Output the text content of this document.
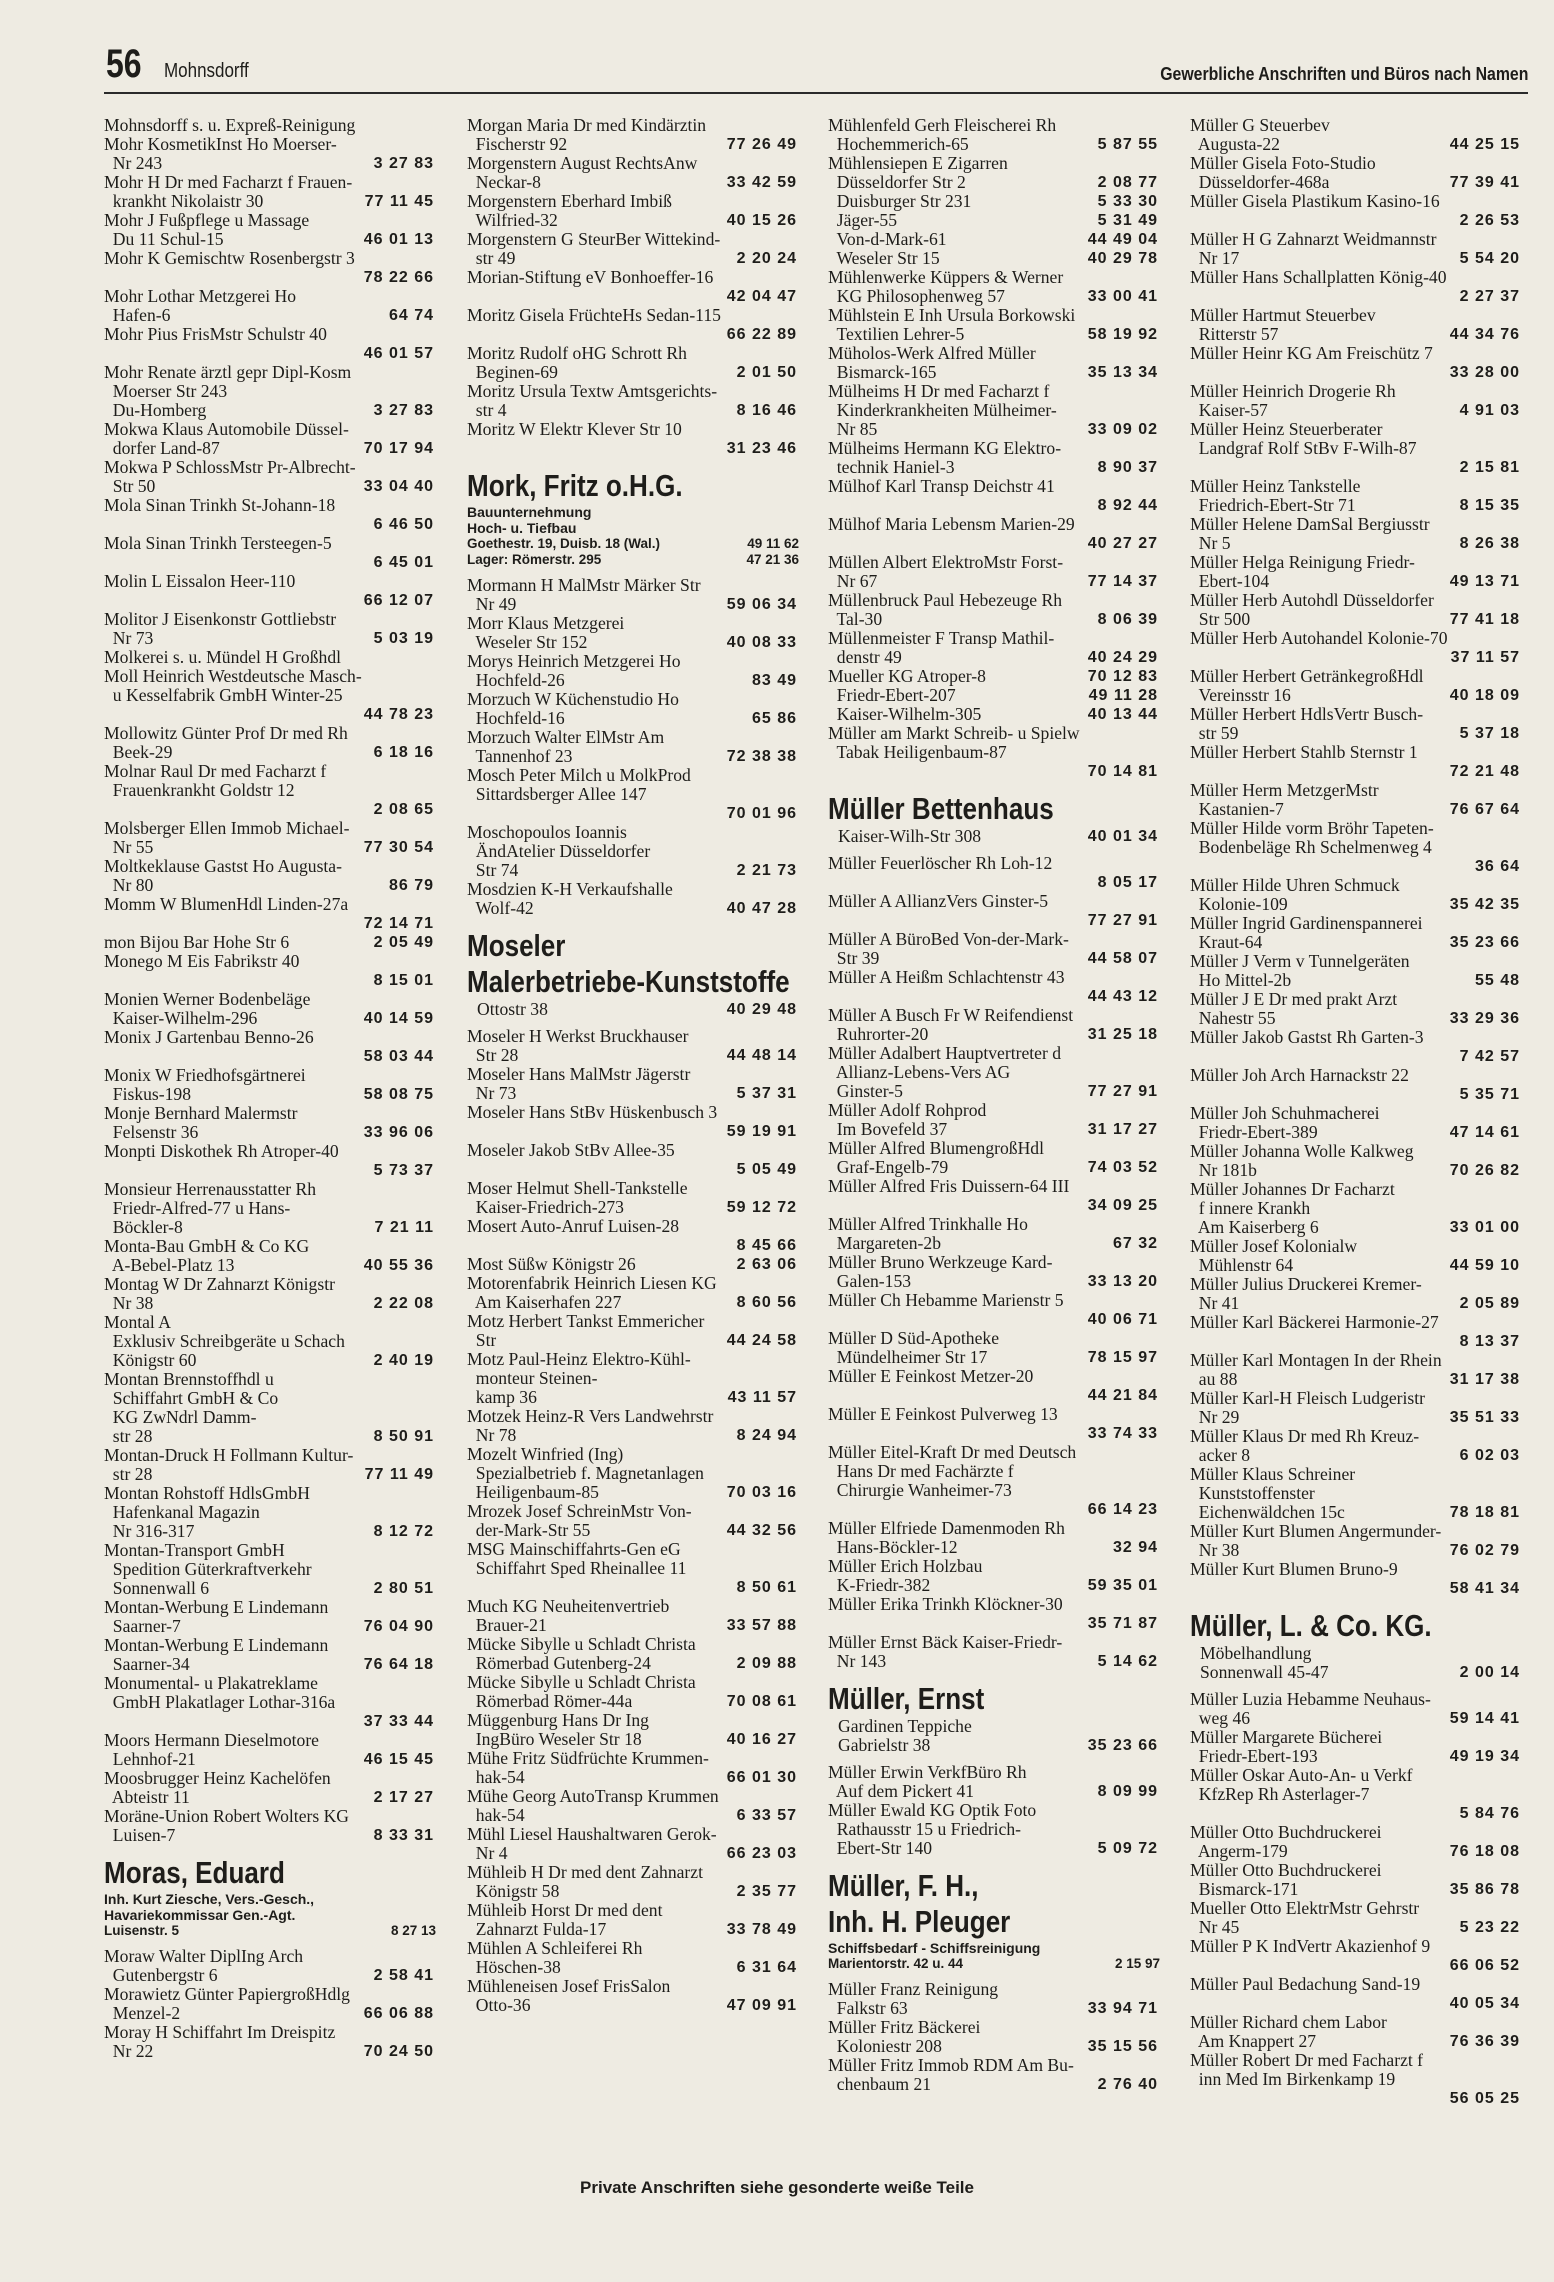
56 Mohnsdorff	Gewerbliche Anschriften und Büros nach Namen
Mohnsdorff s. u. Expreß-Reinigung
Mohr KosmetikInst Ho Moerser-
Nr 243	3 27 83
Mohr H Dr med Facharzt f Frauen-
krankht Nikolaistr 30	77 11 45
Mohr J Fußpflege u Massage
Du 11 Schul-15	46 01 13
Mohr K Gemischtw Rosenbergstr 3
78 22 66
Mohr Lothar Metzgerei Ho
Hafen-6	64 74
Mohr Pius FrisMstr Schulstr 40
46 01 57
Mohr Renate ärztl gepr Dipl-Kosm
Moerser Str 243
Du-Homberg	3 27 83
Mokwa Klaus Automobile Düssel-
dorfer Land-87	70 17 94
Mokwa P SchlossMstr Pr-Albrecht-
Str 50	33 04 40
Mola Sinan Trinkh St-Johann-18
6 46 50
Mola Sinan Trinkh Tersteegen-5
6 45 01
Molin L Eissalon Heer-110
66 12 07
Molitor J Eisenkonstr Gottliebstr
Nr 73	5 03 19
Molkerei s. u. Mündel H Großhdl
Moll Heinrich Westdeutsche Masch-
u Kesselfabrik GmbH Winter-25
44 78 23
Mollowitz Günter Prof Dr med Rh
Beek-29	6 18 16
Molnar Raul Dr med Facharzt f
Frauenkrankht Goldstr 12
2 08 65
Molsberger Ellen Immob Michael-
Nr 55	77 30 54
Moltkeklause Gastst Ho Augusta-
Nr 80	86 79
Momm W BlumenHdl Linden-27a
72 14 71
mon Bijou Bar Hohe Str 6	2 05 49
Monego M Eis Fabrikstr 40
8 15 01
Monien Werner Bodenbeläge
Kaiser-Wilhelm-296	40 14 59
Monix J Gartenbau Benno-26
58 03 44
Monix W Friedhofsgärtnerei
Fiskus-198	58 08 75
Monje Bernhard Malermstr
Felsenstr 36	33 96 06
Monpti Diskothek Rh Atroper-40
5 73 37
Monsieur Herrenausstatter Rh
Friedr-Alfred-77 u Hans-
Böckler-8	7 21 11
Monta-Bau GmbH & Co KG
A-Bebel-Platz 13	40 55 36
Montag W Dr Zahnarzt Königstr
Nr 38	2 22 08
Montal A
Exklusiv Schreibgeräte u Schach
Königstr 60	2 40 19
Montan Brennstoffhdl u
Schiffahrt GmbH & Co
KG ZwNdrl Damm-
str 28	8 50 91
Montan-Druck H Follmann Kultur-
str 28	77 11 49
Montan Rohstoff HdlsGmbH
Hafenkanal Magazin
Nr 316-317	8 12 72
Montan-Transport GmbH
Spedition Güterkraftverkehr
Sonnenwall 6	2 80 51
Montan-Werbung E Lindemann
Saarner-7	76 04 90
Montan-Werbung E Lindemann
Saarner-34	76 64 18
Monumental- u Plakatreklame
GmbH Plakatlager Lothar-316a
37 33 44
Moors Hermann Dieselmotore
Lehnhof-21	46 15 45
Moosbrugger Heinz Kachelöfen
Abteistr 11	2 17 27
Moräne-Union Robert Wolters KG
Luisen-7	8 33 31
Moras, Eduard
Inh. Kurt Ziesche, Vers.-Gesch.,
Havariekommissar Gen.-Agt.
Luisenstr. 5	8 27 13
Moraw Walter DiplIng Arch
Gutenbergstr 6	2 58 41
Morawietz Günter PapiergroßHdlg
Menzel-2	66 06 88
Moray H Schiffahrt Im Dreispitz
Nr 22	70 24 50
Morgan Maria Dr med Kindärztin
Fischerstr 92	77 26 49
Morgenstern August RechtsAnw
Neckar-8	33 42 59
Morgenstern Eberhard Imbiß
Wilfried-32	40 15 26
Morgenstern G SteurBer Wittekind-
str 49	2 20 24
Morian-Stiftung eV Bonhoeffer-16
42 04 47
Moritz Gisela FrüchteHs Sedan-115
66 22 89
Moritz Rudolf oHG Schrott Rh
Beginen-69	2 01 50
Moritz Ursula Textw Amtsgerichts-
str 4	8 16 46
Moritz W Elektr Klever Str 10
31 23 46
Mork, Fritz o.H.G.
Bauunternehmung
Hoch- u. Tiefbau
Goethestr. 19, Duisb. 18 (Wal.)	49 11 62
Lager: Römerstr. 295	47 21 36
Mormann H MalMstr Märker Str
Nr 49	59 06 34
Morr Klaus Metzgerei
Weseler Str 152	40 08 33
Morys Heinrich Metzgerei Ho
Hochfeld-26	83 49
Morzuch W Küchenstudio Ho
Hochfeld-16	65 86
Morzuch Walter ElMstr Am
Tannenhof 23	72 38 38
Mosch Peter Milch u MolkProd
Sittardsberger Allee 147
70 01 96
Moschopoulos Ioannis
ÄndAtelier Düsseldorfer
Str 74	2 21 73
Mosdzien K-H Verkaufshalle
Wolf-42	40 47 28
Moseler
Malerbetriebe-Kunststoffe
Ottostr 38	40 29 48
Moseler H Werkst Bruckhauser
Str 28	44 48 14
Moseler Hans MalMstr Jägerstr
Nr 73	5 37 31
Moseler Hans StBv Hüskenbusch 3
59 19 91
Moseler Jakob StBv Allee-35
5 05 49
Moser Helmut Shell-Tankstelle
Kaiser-Friedrich-273	59 12 72
Mosert Auto-Anruf Luisen-28
8 45 66
Most Süßw Königstr 26	2 63 06
Motorenfabrik Heinrich Liesen KG
Am Kaiserhafen 227	8 60 56
Motz Herbert Tankst Emmericher
Str	44 24 58
Motz Paul-Heinz Elektro-Kühl-
monteur Steinen-
kamp 36	43 11 57
Motzek Heinz-R Vers Landwehrstr
Nr 78	8 24 94
Mozelt Winfried (Ing)
Spezialbetrieb f. Magnetanlagen
Heiligenbaum-85	70 03 16
Mrozek Josef SchreinMstr Von-
der-Mark-Str 55	44 32 56
MSG Mainschiffahrts-Gen eG
Schiffahrt Sped Rheinallee 11
8 50 61
Much KG Neuheitenvertrieb
Brauer-21	33 57 88
Mücke Sibylle u Schladt Christa
Römerbad Gutenberg-24	2 09 88
Mücke Sibylle u Schladt Christa
Römerbad Römer-44a	70 08 61
Müggenburg Hans Dr Ing
IngBüro Weseler Str 18	40 16 27
Mühe Fritz Südfrüchte Krummen-
hak-54	66 01 30
Mühe Georg AutoTransp Krummen
hak-54	6 33 57
Mühl Liesel Haushaltwaren Gerok-
Nr 4	66 23 03
Mühleib H Dr med dent Zahnarzt
Königstr 58	2 35 77
Mühleib Horst Dr med dent
Zahnarzt Fulda-17	33 78 49
Mühlen A Schleiferei Rh
Höschen-38	6 31 64
Mühleneisen Josef FrisSalon
Otto-36	47 09 91
Mühlenfeld Gerh Fleischerei Rh
Hochemmerich-65	5 87 55
Mühlensiepen E Zigarren
Düsseldorfer Str 2	2 08 77
Duisburger Str 231	5 33 30
Jäger-55	5 31 49
Von-d-Mark-61	44 49 04
Weseler Str 15	40 29 78
Mühlenwerke Küppers & Werner
KG Philosophenweg 57	33 00 41
Mühlstein E Inh Ursula Borkowski
Textilien Lehrer-5	58 19 92
Müholos-Werk Alfred Müller
Bismarck-165	35 13 34
Mülheims H Dr med Facharzt f
Kinderkrankheiten Mülheimer-
Nr 85	33 09 02
Mülheims Hermann KG Elektro-
technik Haniel-3	8 90 37
Mülhof Karl Transp Deichstr 41
8 92 44
Mülhof Maria Lebensm Marien-29
40 27 27
Müllen Albert ElektroMstr Forst-
Nr 67	77 14 37
Müllenbruck Paul Hebezeuge Rh
Tal-30	8 06 39
Müllenmeister F Transp Mathil-
denstr 49	40 24 29
Mueller KG Atroper-8	70 12 83
Friedr-Ebert-207	49 11 28
Kaiser-Wilhelm-305	40 13 44
Müller am Markt Schreib- u Spielw
Tabak Heiligenbaum-87
70 14 81
Müller Bettenhaus
Kaiser-Wilh-Str 308	40 01 34
Müller Feuerlöscher Rh Loh-12
8 05 17
Müller A AllianzVers Ginster-5
77 27 91
Müller A BüroBed Von-der-Mark-
Str 39	44 58 07
Müller A Heißm Schlachtenstr 43
44 43 12
Müller A Busch Fr W Reifendienst
Ruhrorter-20	31 25 18
Müller Adalbert Hauptvertreter d
Allianz-Lebens-Vers AG
Ginster-5	77 27 91
Müller Adolf Rohprod
Im Bovefeld 37	31 17 27
Müller Alfred BlumengroßHdl
Graf-Engelb-79	74 03 52
Müller Alfred Fris Duissern-64 III
34 09 25
Müller Alfred Trinkhalle Ho
Margareten-2b	67 32
Müller Bruno Werkzeuge Kard-
Galen-153	33 13 20
Müller Ch Hebamme Marienstr 5
40 06 71
Müller D Süd-Apotheke
Mündelheimer Str 17	78 15 97
Müller E Feinkost Metzer-20
44 21 84
Müller E Feinkost Pulverweg 13
33 74 33
Müller Eitel-Kraft Dr med Deutsch
Hans Dr med Fachärzte f
Chirurgie Wanheimer-73
66 14 23
Müller Elfriede Damenmoden Rh
Hans-Böckler-12	32 94
Müller Erich Holzbau
K-Friedr-382	59 35 01
Müller Erika Trinkh Klöckner-30
35 71 87
Müller Ernst Bäck Kaiser-Friedr-
Nr 143	5 14 62
Müller, Ernst
Gardinen Teppiche
Gabrielstr 38	35 23 66
Müller Erwin VerkfBüro Rh
Auf dem Pickert 41	8 09 99
Müller Ewald KG Optik Foto
Rathausstr 15 u Friedrich-
Ebert-Str 140	5 09 72
Müller, F. H.,
Inh. H. Pleuger
Schiffsbedarf - Schiffsreinigung
Marientorstr. 42 u. 44	2 15 97
Müller Franz Reinigung
Falkstr 63	33 94 71
Müller Fritz Bäckerei
Koloniestr 208	35 15 56
Müller Fritz Immob RDM Am Bu-
chenbaum 21	2 76 40
Müller G Steuerbev
Augusta-22	44 25 15
Müller Gisela Foto-Studio
Düsseldorfer-468a	77 39 41
Müller Gisela Plastikum Kasino-16
2 26 53
Müller H G Zahnarzt Weidmannstr
Nr 17	5 54 20
Müller Hans Schallplatten König-40
2 27 37
Müller Hartmut Steuerbev
Ritterstr 57	44 34 76
Müller Heinr KG Am Freischütz 7
33 28 00
Müller Heinrich Drogerie Rh
Kaiser-57	4 91 03
Müller Heinz Steuerberater
Landgraf Rolf StBv F-Wilh-87
2 15 81
Müller Heinz Tankstelle
Friedrich-Ebert-Str 71	8 15 35
Müller Helene DamSal Bergiusstr
Nr 5	8 26 38
Müller Helga Reinigung Friedr-
Ebert-104	49 13 71
Müller Herb Autohdl Düsseldorfer
Str 500	77 41 18
Müller Herb Autohandel Kolonie-70
37 11 57
Müller Herbert GetränkegroßHdl
Vereinsstr 16	40 18 09
Müller Herbert HdlsVertr Busch-
str 59	5 37 18
Müller Herbert Stahlb Sternstr 1
72 21 48
Müller Herm MetzgerMstr
Kastanien-7	76 67 64
Müller Hilde vorm Bröhr Tapeten-
Bodenbeläge Rh Schelmenweg 4
36 64
Müller Hilde Uhren Schmuck
Kolonie-109	35 42 35
Müller Ingrid Gardinenspannerei
Kraut-64	35 23 66
Müller J Verm v Tunnelgeräten
Ho Mittel-2b	55 48
Müller J E Dr med prakt Arzt
Nahestr 55	33 29 36
Müller Jakob Gastst Rh Garten-3
7 42 57
Müller Joh Arch Harnackstr 22
5 35 71
Müller Joh Schuhmacherei
Friedr-Ebert-389	47 14 61
Müller Johanna Wolle Kalkweg
Nr 181b	70 26 82
Müller Johannes Dr Facharzt
f innere Krankh
Am Kaiserberg 6	33 01 00
Müller Josef Kolonialw
Mühlenstr 64	44 59 10
Müller Julius Druckerei Kremer-
Nr 41	2 05 89
Müller Karl Bäckerei Harmonie-27
8 13 37
Müller Karl Montagen In der Rhein
au 88	31 17 38
Müller Karl-H Fleisch Ludgeristr
Nr 29	35 51 33
Müller Klaus Dr med Rh Kreuz-
acker 8	6 02 03
Müller Klaus Schreiner
Kunststoffenster
Eichenwäldchen 15c	78 18 81
Müller Kurt Blumen Angermunder-
Nr 38	76 02 79
Müller Kurt Blumen Bruno-9
58 41 34
Müller, L. & Co. KG.
Möbelhandlung
Sonnenwall 45-47	2 00 14
Müller Luzia Hebamme Neuhaus-
weg 46	59 14 41
Müller Margarete Bücherei
Friedr-Ebert-193	49 19 34
Müller Oskar Auto-An- u Verkf
KfzRep Rh Asterlager-7
5 84 76
Müller Otto Buchdruckerei
Angerm-179	76 18 08
Müller Otto Buchdruckerei
Bismarck-171	35 86 78
Mueller Otto ElektrMstr Gehrstr
Nr 45	5 23 22
Müller P K IndVertr Akazienhof 9
66 06 52
Müller Paul Bedachung Sand-19
40 05 34
Müller Richard chem Labor
Am Knappert 27	76 36 39
Müller Robert Dr med Facharzt f
inn Med Im Birkenkamp 19
56 05 25
Private Anschriften siehe gesonderte weiße Teile
